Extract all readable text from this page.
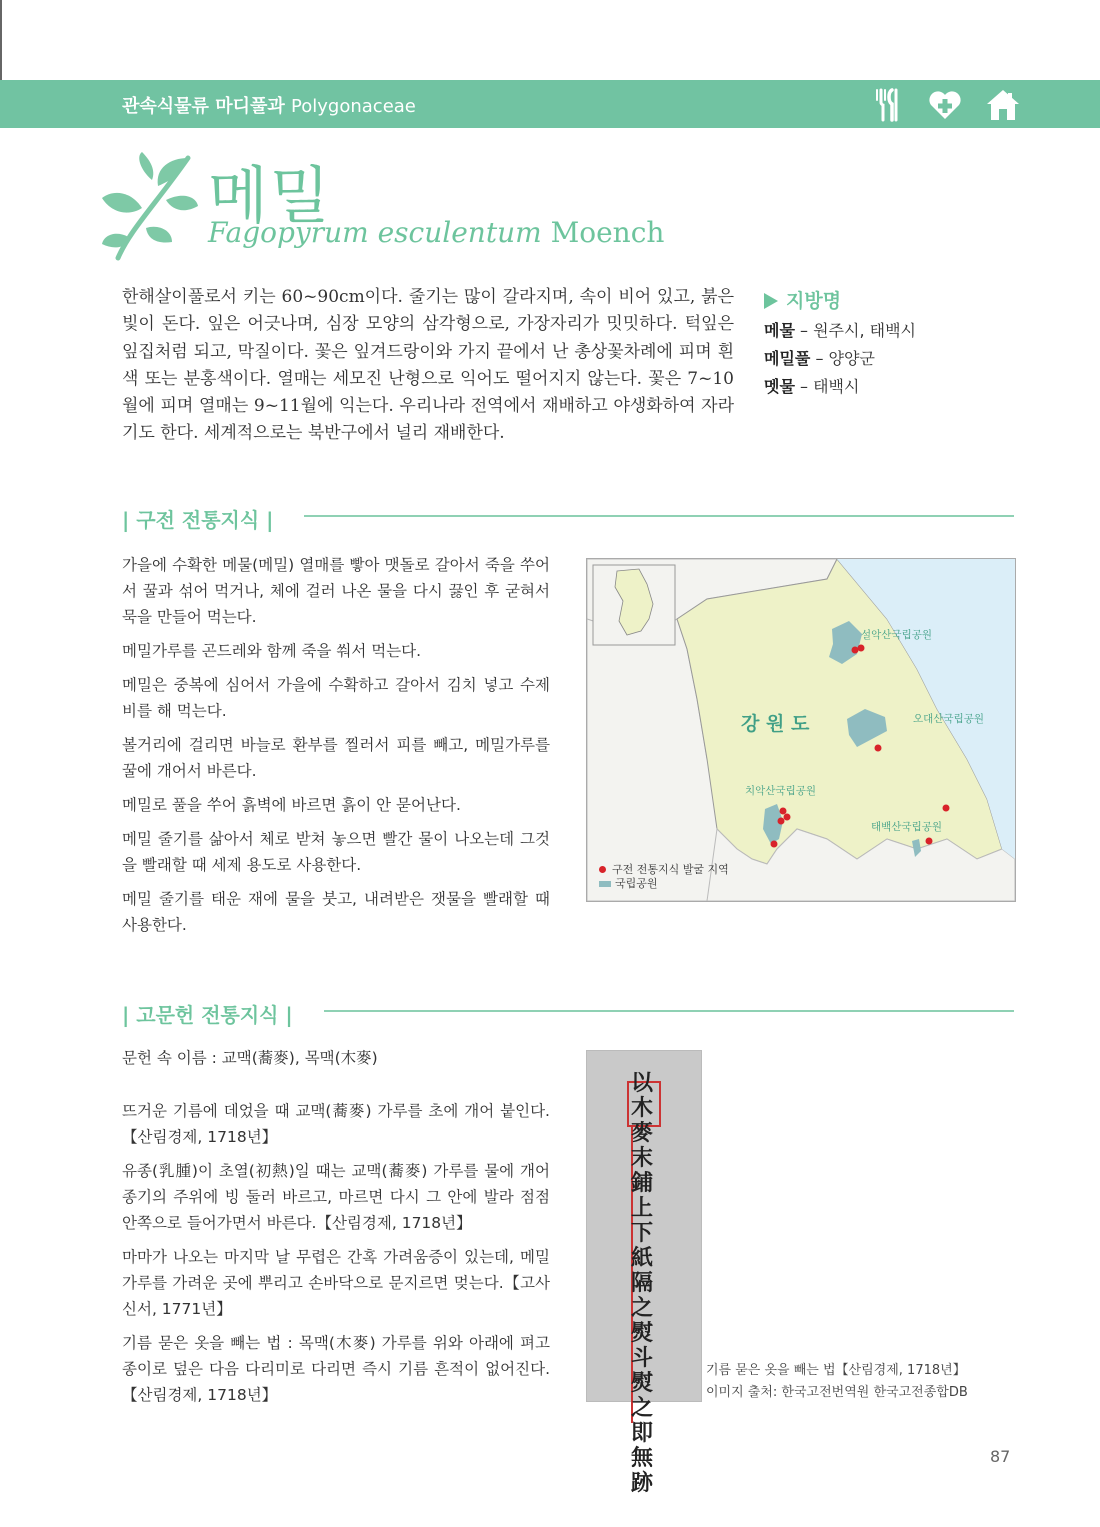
관속식물류 마디풀과 Polygonaceae
메밀
Fagopyrum esculentum Moench
한해살이풀로서 키는 60~90cm이다. 줄기는 많이 갈라지며, 속이 비어 있고, 붉은빛이 돈다. 잎은 어긋나며, 심장 모양의 삼각형으로, 가장자리가 밋밋하다. 턱잎은 잎집처럼 되고, 막질이다. 꽃은 잎겨드랑이와 가지 끝에서 난 총상꽃차례에 피며 흰색 또는 분홍색이다. 열매는 세모진 난형으로 익어도 떨어지지 않는다. 꽃은 7~10월에 피며 열매는 9~11월에 익는다. 우리나라 전역에서 재배하고 야생화하여 자라기도 한다. 세계적으로는 북반구에서 널리 재배한다.
지방명
메물 – 원주시, 태백시
메밀풀 – 양양군
멧물 – 태백시
| 구전 전통지식 |

가을에 수확한 메물(메밀) 열매를 빻아 맷돌로 갈아서 죽을 쑤어서 꿀과 섞어 먹거나, 체에 걸러 나온 물을 다시 끓인 후 굳혀서 묵을 만들어 먹는다.

메밀가루를 곤드레와 함께 죽을 쒀서 먹는다.

메밀은 중복에 심어서 가을에 수확하고 갈아서 김치 넣고 수제비를 해 먹는다.

볼거리에 걸리면 바늘로 환부를 찔러서 피를 빼고, 메밀가루를 꿀에 개어서 바른다.

메밀로 풀을 쑤어 흙벽에 바르면 흙이 안 묻어난다.

메밀 줄기를 삶아서 체로 받쳐 놓으면 빨간 물이 나오는데 그것을 빨래할 때 세제 용도로 사용한다.

메밀 줄기를 태운 재에 물을 붓고, 내려받은 잿물을 빨래할 때 사용한다.

강 원 도
설악산국립공원
오대산국립공원
치악산국립공원
태백산국립공원
구전 전통지식 발굴 지역
국립공원
| 고문헌 전통지식 |
문헌 속 이름 : 교맥(蕎麥), 목맥(木麥)

뜨거운 기름에 데었을 때 교맥(蕎麥) 가루를 초에 개어 붙인다.【산림경제, 1718년】

유종(乳腫)이 초열(初熱)일 때는 교맥(蕎麥) 가루를 물에 개어 종기의 주위에 빙 둘러 바르고, 마르면 다시 그 안에 발라 점점 안쪽으로 들어가면서 바른다.【산림경제, 1718년】

마마가 나오는 마지막 날 무렵은 간혹 가려움증이 있는데, 메밀가루를 가려운 곳에 뿌리고 손바닥으로 문지르면 멎는다.【고사신서, 1771년】

기름 묻은 옷을 빼는 법 : 목맥(木麥) 가루를 위와 아래에 펴고 종이로 덮은 다음 다리미로 다리면 즉시 기름 흔적이 없어진다.【산림경제, 1718년】

以木麥末鋪上下紙隔之熨斗熨之即無跡
기름 묻은 옷을 빼는 법【산림경제, 1718년】
이미지 출처: 한국고전번역원 한국고전종합DB
87
